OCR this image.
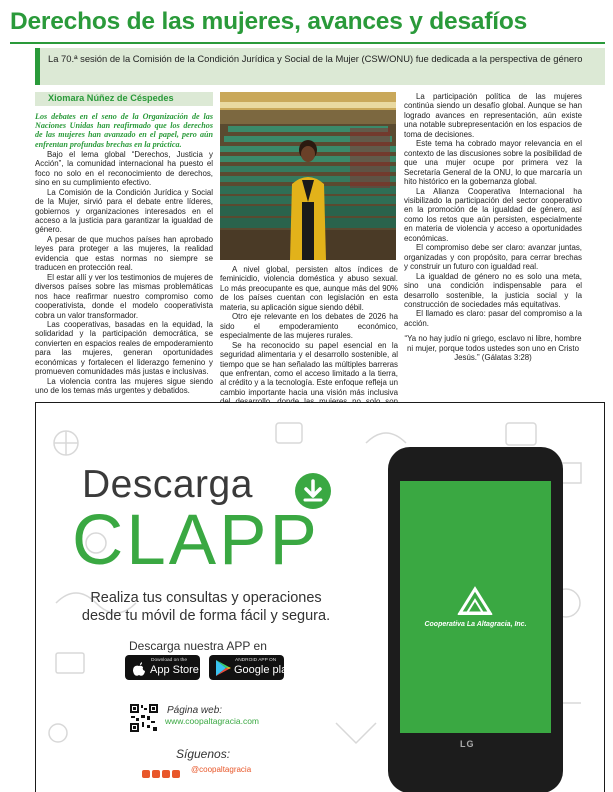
Derechos de las mujeres, avances y desafíos
La 70.ª sesión de la Comisión de la Condición Jurídica y Social de la Mujer (CSW/ONU) fue dedicada a la perspectiva de género
Xiomara Núñez de Céspedes

Los debates en el seno de la Organización de las Naciones Unidas han reafirmado que los derechos de las mujeres han avanzado en el papel, pero aún enfrentan profundas brechas en la práctica.

Bajo el lema global “Derechos, Justicia y Acción”, la comunidad internacional ha puesto el foco no solo en el reconocimiento de derechos, sino en su cumplimiento efectivo.

La Comisión de la Condición Jurídica y Social de la Mujer, sirvió para el debate entre líderes, gobiernos y organizaciones interesados en el acceso a la justicia para garantizar la igualdad de género.

A pesar de que muchos países han aprobado leyes para proteger a las mujeres, la realidad evidencia que estas normas no siempre se traducen en protección real.

El estar allí y ver los testimonios de mujeres de diversos países sobre las mismas problemáticas nos hace reafirmar nuestro compromiso como cooperativista, donde el modelo cooperativista cobra un valor transformador.

Las cooperativas, basadas en la equidad, la solidaridad y la participación democrática, se convierten en espacios reales de empoderamiento para las mujeres, generan oportunidades económicas y fortalecen el liderazgo femenino y promueven comunidades más justas e inclusivas.

La violencia contra las mujeres sigue siendo uno de los temas más urgentes y debatidos.

A nivel global, persisten altos índices de feminicidio, violencia doméstica y abuso sexual. Lo más preocupante es que, aunque más del 90% de los países cuentan con legislación en esta materia, su aplicación sigue siendo débil.

Otro eje relevante en los debates de 2026 ha sido el empoderamiento económico, especialmente de las mujeres rurales.

Se ha reconocido su papel esencial en la seguridad alimentaria y el desarrollo sostenible, al tiempo que se han señalado las múltiples barreras que enfrentan, como el acceso limitado a la tierra, al crédito y a la tecnología. Este enfoque refleja un cambio importante hacia una visión más inclusiva

La participación política de las mujeres continúa siendo un desafío global. Aunque se han logrado avances en representación, aún existe una notable subrepresentación en los espacios de toma de decisiones.

Este tema ha cobrado mayor relevancia en el contexto de las discusiones sobre la posibilidad de que una mujer ocupe por primera vez la Secretaría General de la ONU, lo que marcaría un hito histórico en la gobernanza global.

La Alianza Cooperativa Internacional ha visibilizado la participación del sector cooperativo en la promoción de la igualdad de género, así como los retos que aún persisten, especialmente en materia de violencia y acceso a oportunidades económicas.

El compromiso debe ser claro: avanzar juntas, organizadas y con propósito, para cerrar brechas y construir un futuro con igualdad real.

La igualdad de género no es solo una meta, sino una condición indispensable para el desarrollo sostenible, la justicia social y la construcción de sociedades más equitativas.

El llamado es claro: pasar del compromiso a la acción.

“Ya no hay judío ni griego, esclavo ni libre, hombre ni mujer, porque todos ustedes son uno en Cristo Jesús.” (Gálatas 3:28)

Descarga
CLAPP
Realiza tus consultas y operaciones
desde tu móvil de forma fácil y segura.
Descarga nuestra APP en
Download on the
App Store
ANDROID APP ON
Google play
Página web:
www.coopaltagracia.com
Síguenos:
@coopaltagracia
Cooperativa La Altagracia, Inc.
LG
